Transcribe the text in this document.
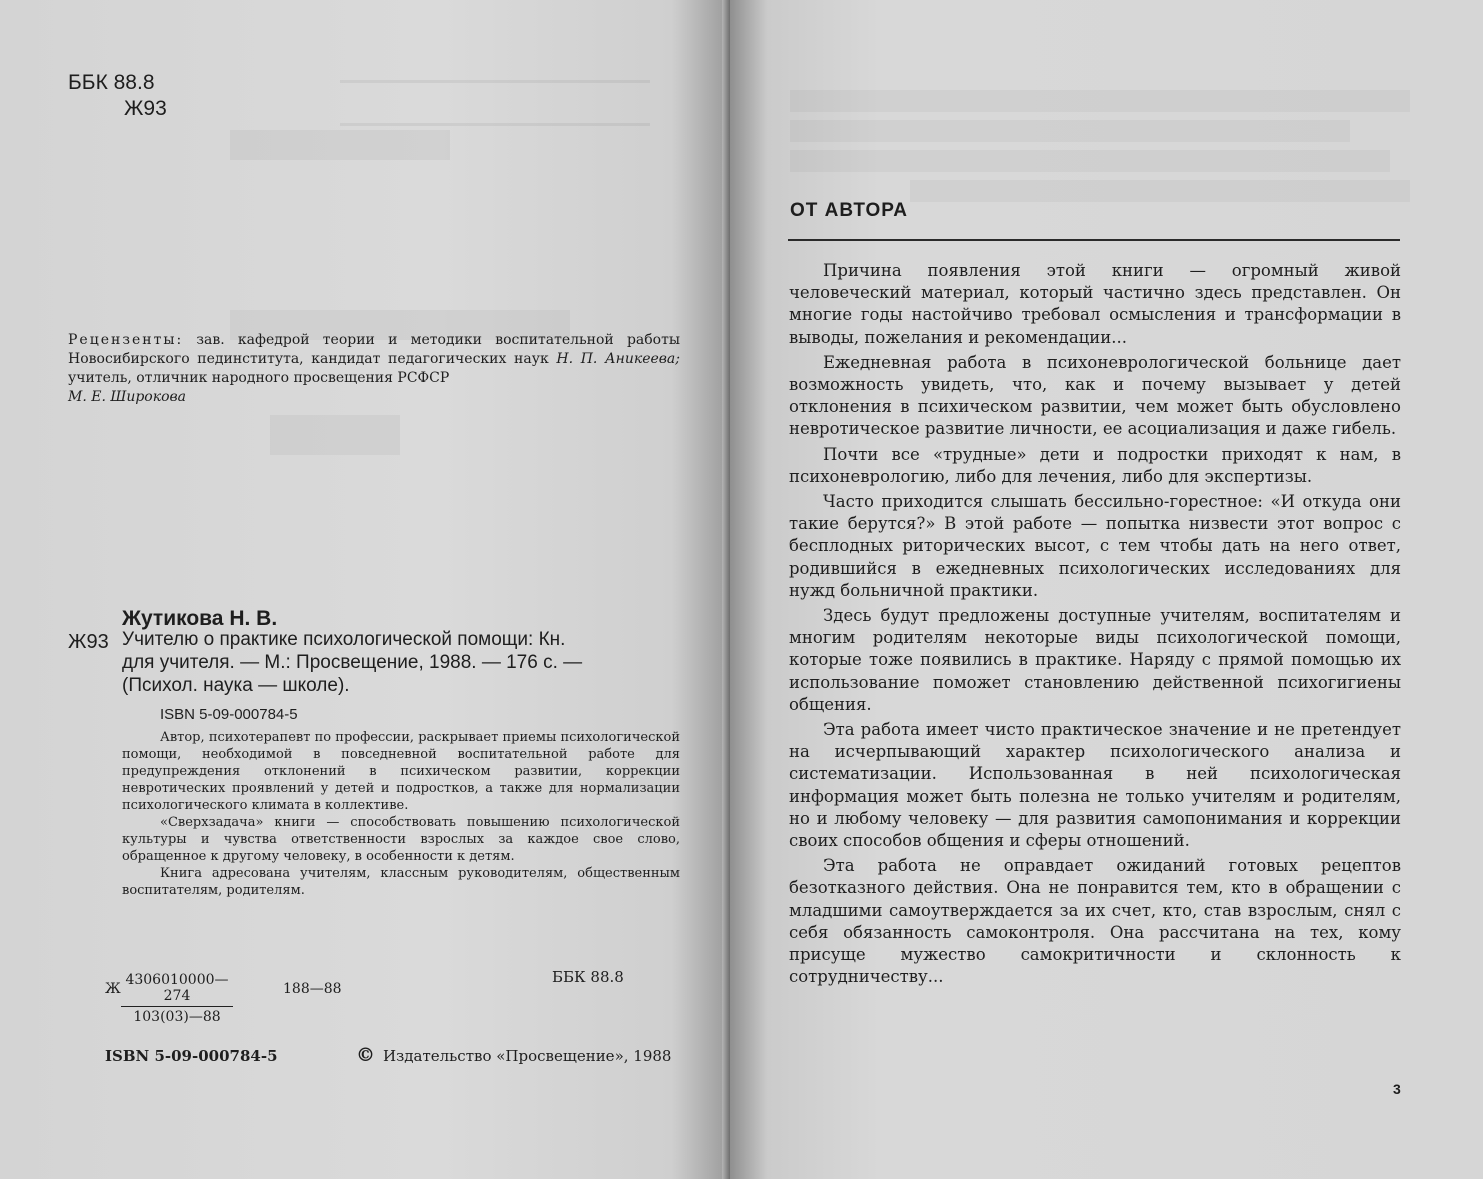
ББК 88.8
Ж93
Рецензенты: зав. кафедрой теории и методики воспитательной работы Новосибирского пединститута, кандидат педагогических наук Н. П. Аникеева; учитель, отличник народного просвещения РСФСР
М. Е. Широкова
Жутикова Н. В.
Ж93 Учителю о практике психологической помощи: Кн.
для учителя. — М.: Просвещение, 1988. — 176 с. —
(Психол. наука — школе).
ISBN 5-09-000784-5

Автор, психотерапевт по профессии, раскрывает приемы психологической помощи, необходимой в повседневной воспитательной работе для предупреждения отклонений в психическом развитии, коррекции невротических проявлений у детей и подростков, а также для нормализации психологического климата в коллективе.

«Сверхзадача» книги — способствовать повышению психологической культуры и чувства ответственности взрослых за каждое свое слово, обращенное к другому человеку, в особенности к детям.

Книга адресована учителям, классным руководителям, общественным воспитателям, родителям.

Ж $\frac{4306010000—274}{103(03)—88}$	188—88
ББК 88.8
ISBN 5-09-000784-5	© Издательство «Просвещение», 1988
ОТ АВТОРА

Причина появления этой книги — огромный живой человеческий материал, который частично здесь представлен. Он многие годы настойчиво требовал осмысления и трансформации в выводы, пожелания и рекомендации...

Ежедневная работа в психоневрологической больнице дает возможность увидеть, что, как и почему вызывает у детей отклонения в психическом развитии, чем может быть обусловлено невротическое развитие личности, ее асоциализация и даже гибель.

Почти все «трудные» дети и подростки приходят к нам, в психоневрологию, либо для лечения, либо для экспертизы.

Часто приходится слышать бессильно-горестное: «И откуда они такие берутся?» В этой работе — попытка низвести этот вопрос с бесплодных риторических высот, с тем чтобы дать на него ответ, родившийся в ежедневных психологических исследованиях для нужд больничной практики.

Здесь будут предложены доступные учителям, воспитателям и многим родителям некоторые виды психологической помощи, которые тоже появились в практике. Наряду с прямой помощью их использование поможет становлению действенной психогигиены общения.

Эта работа имеет чисто практическое значение и не претендует на исчерпывающий характер психологического анализа и систематизации. Использованная в ней психологическая информация может быть полезна не только учителям и родителям, но и любому человеку — для развития самопонимания и коррекции своих способов общения и сферы отношений.

Эта работа не оправдает ожиданий готовых рецептов безотказного действия. Она не понравится тем, кто в обращении с младшими самоутверждается за их счет, кто, став взрослым, снял с себя обязанность самоконтроля. Она рассчитана на тех, кому присуще мужество самокритичности и склонность к сотрудничеству...

3
